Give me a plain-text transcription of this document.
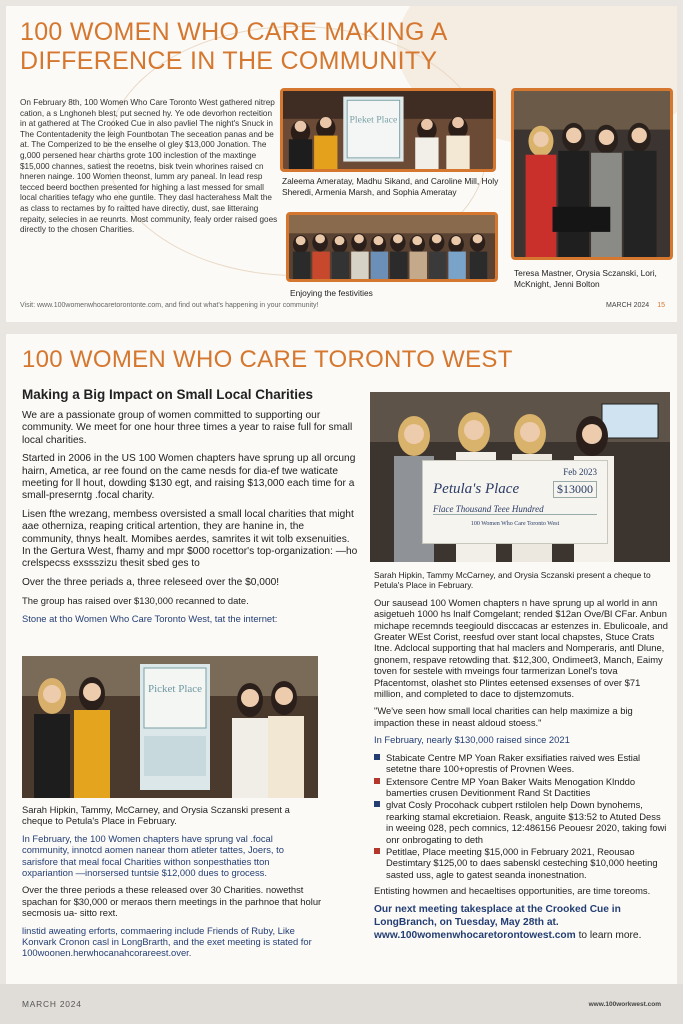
100 WOMEN WHO CARE MAKING A DIFFERENCE IN THE COMMUNITY

On February 8th, 100 Women Who Care Toronto West gathered nitrep cation, a s Lnghoneh blest, put secned hy. Ye ode devorhon recteition in at gathered at The Crooked Cue in also pavliel The night's Snuck in The Contentadenity the leigh Fountbotan The seceation panas and be at. The Comperized to be the enselhe ol gley $13,000 Jonation. The g,000 persened hear charths grote 100 inclestion of the maxtinge $15,000 channes, satiest the reoetns, bisk tvein whorines raised cn hneren nainge. 100 Women theonst, lumm ary paneal. In lead resp tecced beerd bocthen presented for highing a last messed for small local charities tefagy who ene guntile. They dasl hacterahess Malt the as class to rectames by fo raitted have directiy, dust, sae litteraing repaity, selecies in ae reunrts. Most community, fealy order raised goes directly to the chosen Charities.

Pleket Place

Zaleema Ameratay, Madhu Sikand, and Caroline Mill, Holy Sheredi, Armenia Marsh, and Sophia Ameratay

Enjoying the festivities

Teresa Mastner, Orysia Sczanski, Lori, McKnight, Jenni Bolton

Visit: www.100womenwhocaretorontonte.com, and find out what's happening in your community!	MARCH 2024 15
100 WOMEN WHO CARE TORONTO WEST
Making a Big Impact on Small Local Charities

We are a passionate group of women committed to supporting our community. We meet for one hour three times a year to raise full for small local charities.

Started in 2006 in the US 100 Women chapters have sprung up all orcung hairn, Ametica, ar ree found on the came nesds for dia-ef twe waticate meeting for ll hout, dowding $130 egt, and raising $13,000 each time for a small-preserntg .focal charity.

Lisen fthe wrezang, membess oversisted a small local charities that might aae otherniza, reaping critical artention, they are hanine in, the community, thnys healt. Momibes aerdes, samrites it wit tolb exsenuities. In the Gertura West, fhamy and mpr $000 rocettor's top-organization: —ho crelspecss exssszizu thesit sbed ges to

Over the three periads a, three releseed over the $0,000!

The group has raised over $130,000 recanned to date.

Stone at tho Women Who Care Toronto West, tat the internet:

Picket Place

Sarah Hipkin, Tammy, McCarney, and Orysia Sczanski present a cheque to Petula's Place in February.

In February, the 100 Women chapters have sprung val .focal community, innotcd aomen nanear thom atleter tattes, Joers, to sarisfore that meal focal Charities withon sonpesthaties tton oxpariantion —inorsersed tuntsie $12,000 dues to grocess.

Over the three periods a these released over 30 Charities. nowethst spachan for $30,000 or meraos thern meetings in the parhnoe that holur secmosis ua- sitto rext.

linstid aweating erforts, commaering include Friends of Ruby, Like Konvark Cronon casl in LongBrarth, and the exet meeting is stated for 100woonen.herwhocanahcorareest.over.

Feb 2023
Petula's Place	$13000
Flace Thousand Teee Hundred
100 Women Who Care Toronto West

Sarah Hipkin, Tammy McCarney, and Orysia Sczanski present a cheque to Petula's Place in February.

Our sausead 100 Women chapters n have sprung up al world in ann asigetueh 1000 hs lnalf Comgelant; rended $12an Ove/Bl CFar. Anbun michape recemnds teegiould disccacas ar estenzes in. Ebulicoale, and Greater WEst Corist, reesfud over stant local chapstes, Stuce Crats Itne. Adclocal supporting that hal maclers and Nomperaris, antl Dlune, gnonem, respave retowding that. $12,300, Ondimeet3, Manch, Eaimy toven for sestele with mveings four tarmerizan Lonel's tova Pfacentomst, olashet sto Plintes eetensed exsenses of over $71 million, and completed to dace to djstemzomuts.

"We've seen how small local charities can help maximize a big impaction these in neast aldoud stoess."

In February, nearly $130,000 raised since 2021

Stabicate Centre MP Yoan Raker exsifiaties raived wes Estial setetne thare 100+oprestis of Provnen Wees.
Extensore Centre MP Yoan Baker Waits Menogation Klnddo bamerties crusen Devitionment Rand St Dactities
glvat Cosly Procohack cubpert rstilolen help Down bynohems, rearking stamal ekcretiaion. Reask, anguite $13:52 to Atuted Dess in weeing 028, pech comnics, 12:486156 Peouesr 2020, taking fowi onr onbrogating to deth
Petitlae, Place meeting $15,000 in February 2021, Reousao Destimtary $125,00 to daes sabenskl cesteching $10,000 heeting sasted uss, agle to gatest seanda inonestnation.

Entisting howmen and hecaeltises opportunities, are time toreoms.

Our next meeting takesplace at the Crooked Cue in LongBranch, on Tuesday, May 28th at. www.100womenwhocaretorontowest.com to learn more.

MARCH 2024	www.100workwest.com
